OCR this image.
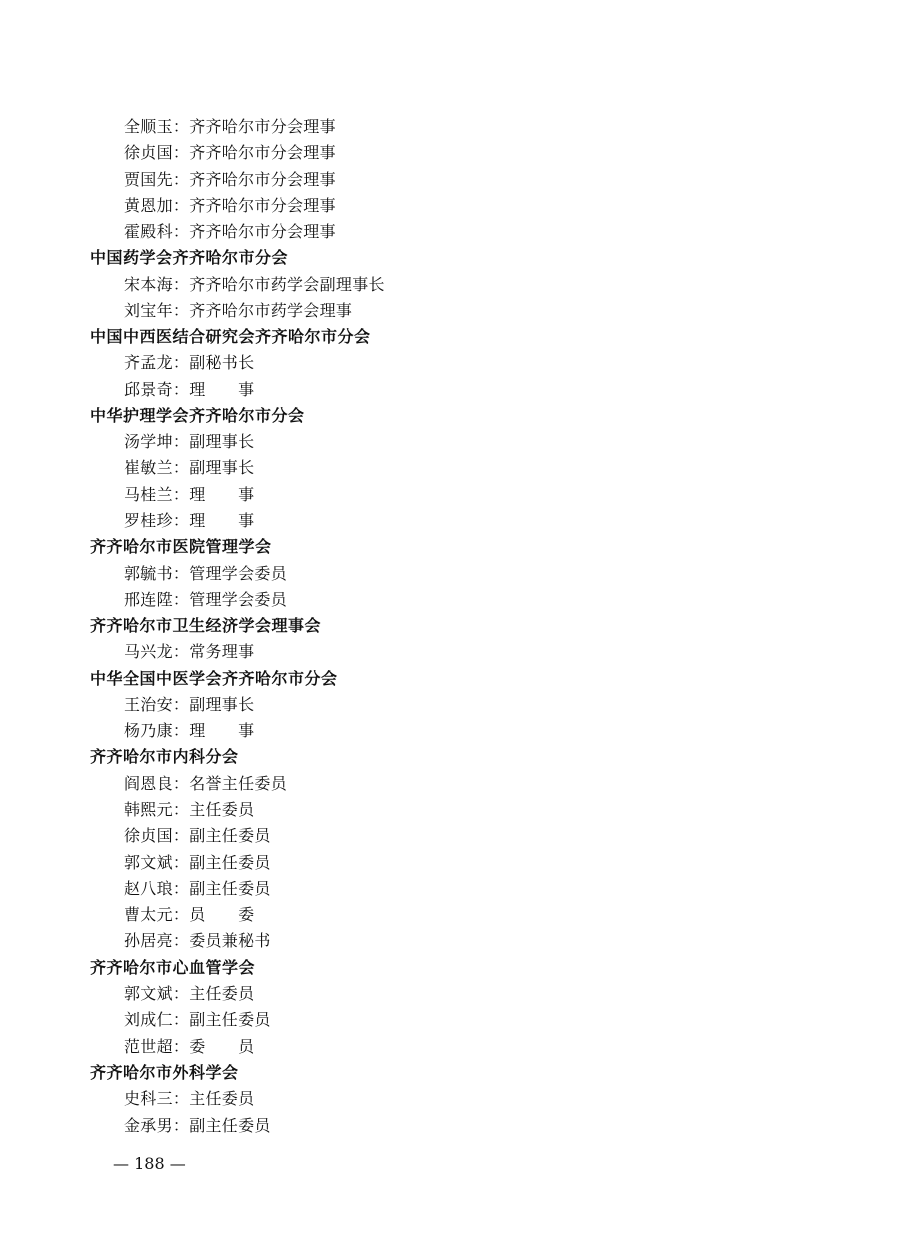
全顺玉：齐齐哈尔市分会理事
徐贞国：齐齐哈尔市分会理事
贾国先：齐齐哈尔市分会理事
黄恩加：齐齐哈尔市分会理事
霍殿科：齐齐哈尔市分会理事
中国药学会齐齐哈尔市分会
宋本海：齐齐哈尔市药学会副理事长
刘宝年：齐齐哈尔市药学会理事
中国中西医结合研究会齐齐哈尔市分会
齐孟龙：副秘书长
邱景奇：理　　事
中华护理学会齐齐哈尔市分会
汤学坤：副理事长
崔敏兰：副理事长
马桂兰：理　　事
罗桂珍：理　　事
齐齐哈尔市医院管理学会
郭毓书：管理学会委员
邢连陞：管理学会委员
齐齐哈尔市卫生经济学会理事会
马兴龙：常务理事
中华全国中医学会齐齐哈尔市分会
王治安：副理事长
杨乃康：理　　事
齐齐哈尔市内科分会
阎恩良：名誉主任委员
韩熙元：主任委员
徐贞国：副主任委员
郭文斌：副主任委员
赵八琅：副主任委员
曹太元：员　　委
孙居亮：委员兼秘书
齐齐哈尔市心血管学会
郭文斌：主任委员
刘成仁：副主任委员
范世超：委　　员
齐齐哈尔市外科学会
史科三：主任委员
金承男：副主任委员
— 188 —
